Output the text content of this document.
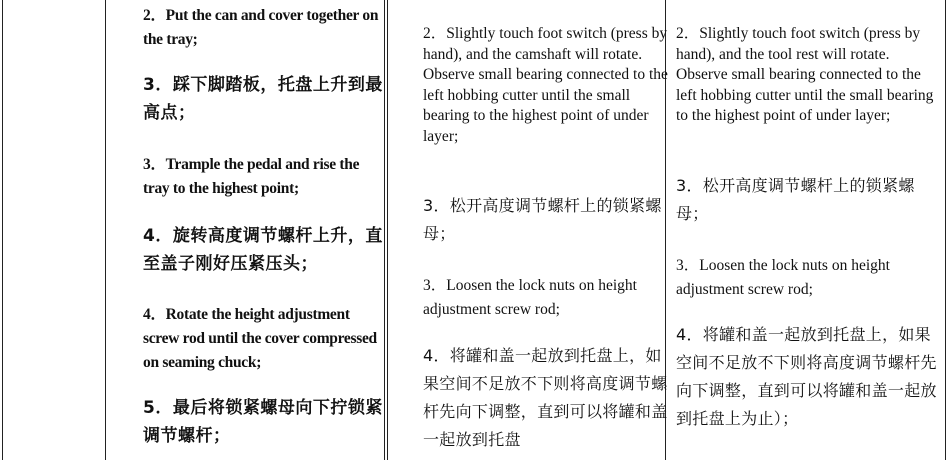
2．Put the can and cover together on the tray;

3．踩下脚踏板，托盘上升到最高点；

3．Trample the pedal and rise the tray to the highest point;

4．旋转高度调节螺杆上升，直至盖子刚好压紧压头；

4．Rotate the height adjustment screw rod until the cover compressed on seaming chuck;

5．最后将锁紧螺母向下拧锁紧调节螺杆；

2．Slightly touch foot switch (press by hand), and the camshaft will rotate. Observe small bearing connected to the left hobbing cutter until the small bearing to the highest point of under layer;

3．松开高度调节螺杆上的锁紧螺母；

3．Loosen the lock nuts on height adjustment screw rod;

4．将罐和盖一起放到托盘上，如果空间不足放不下则将高度调节螺杆先向下调整，直到可以将罐和盖一起放到托盘

2．Slightly touch foot switch (press by hand), and the tool rest will rotate. Observe small bearing connected to the left hobbing cutter until the small bearing to the highest point of under layer;

3．松开高度调节螺杆上的锁紧螺母；

3．Loosen the lock nuts on height adjustment screw rod;

4．将罐和盖一起放到托盘上，如果空间不足放不下则将高度调节螺杆先向下调整，直到可以将罐和盖一起放到托盘上为止）；
